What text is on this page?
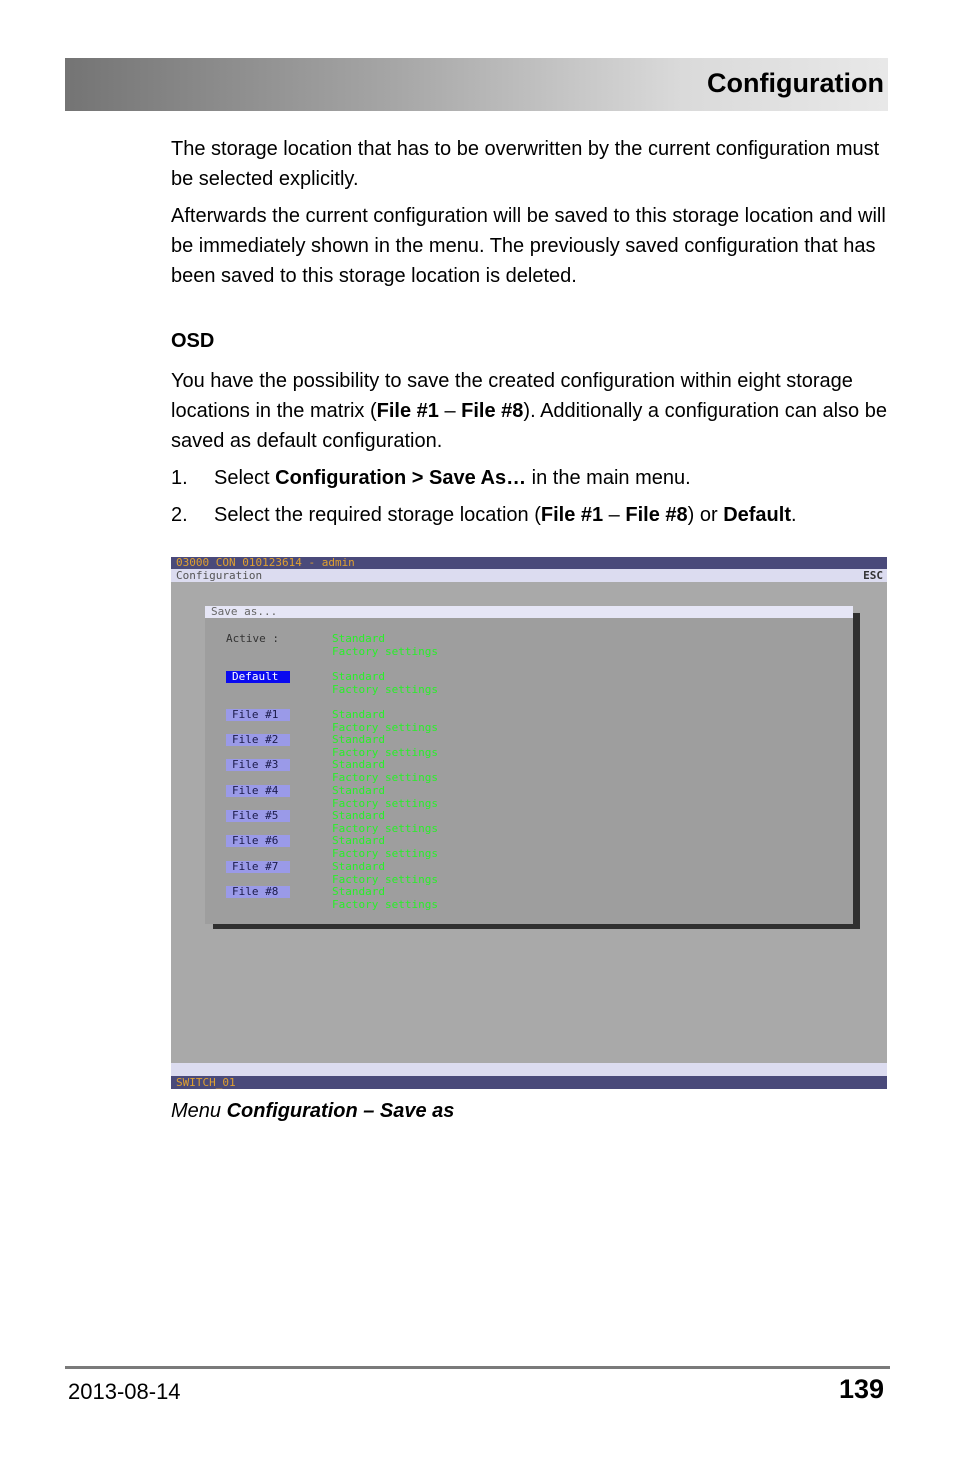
Configuration
The storage location that has to be overwritten by the current configuration must be selected explicitly.
Afterwards the current configuration will be saved to this storage location and will be immediately shown in the menu. The previously saved configuration that has been saved to this storage location is deleted.
OSD
You have the possibility to save the created configuration within eight storage locations in the matrix (File #1 – File #8). Additionally a configuration can also be saved as default configuration.
1. Select Configuration > Save As… in the main menu.
2. Select the required storage location (File #1 – File #8) or Default.
03000 CON 010123614 - admin
Configuration	ESC
Save as...
Active :	Standard
Factory settings
Default	Standard
Factory settings
File #1	Standard
Factory settings
File #2	Standard
Factory settings
File #3	Standard
Factory settings
File #4	Standard
Factory settings
File #5	Standard
Factory settings
File #6	Standard
Factory settings
File #7	Standard
Factory settings
File #8	Standard
Factory settings
SWITCH_01
Menu Configuration – Save as
2013-08-14	139
